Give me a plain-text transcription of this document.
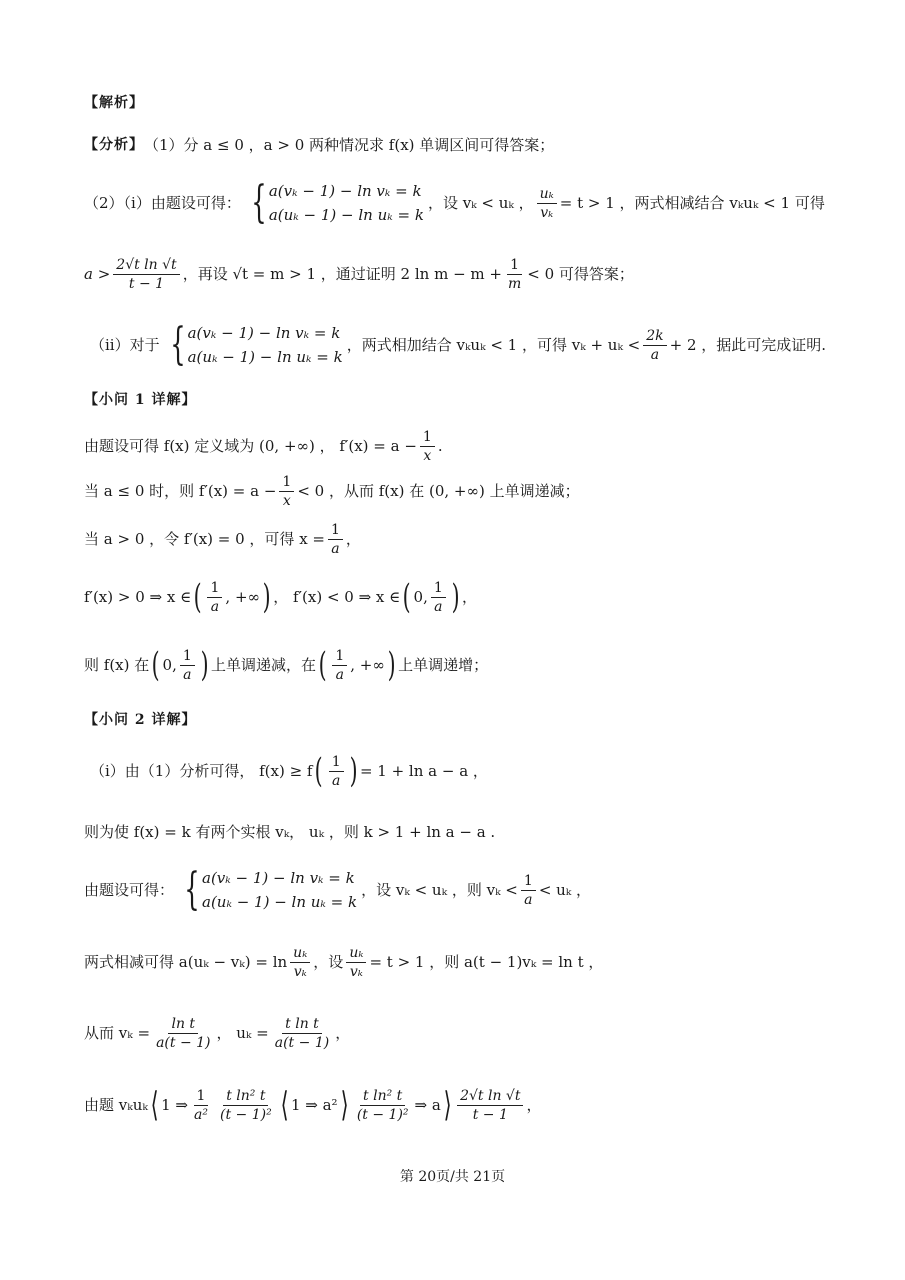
【解析】
【分析】 （1）分 a ≤ 0 ，a > 0 两种情况求 f(x) 单调区间可得答案；
（2）（i）由题设可得： { a(vₖ − 1) − ln vₖ = k
a(uₖ − 1) − ln uₖ = k
，设 vₖ < uₖ ， $\frac{\text{uₖ}}{\text{vₖ}} = t > 1$ ，两式相减结合 vₖuₖ < 1 可得
$a > \frac{\text{2√t ln √t}}{t - 1}$ ，再设 √t = m > 1 ，通过证明 2 $\ln m - m + \frac{1}{m} < 0$ 可得答案；
（ii）对于 { a(vₖ − 1) − ln vₖ = k
a(uₖ − 1) − ln uₖ = k
，两式相加结合 vₖuₖ < 1 ，可得 $v_k + u_k < \frac{2k}{a} + 2$ ，据此可完成证明.
【小问 1 详解】
由题设可得 f(x) 定义域为 (0, +∞) ， $f'(x) = a - \frac{1}{x}$ .
当 a ≤ 0 时，则 $f'(x) = a - \frac{1}{x} < 0$ ，从而 f(x) 在 (0, +∞) 上单调递减；
当 a > 0 ，令 f′(x) = 0 ，可得 $x = \frac{1}{a}$ ，
f′(x) > 0 ⇒ x ∈ ( $\frac{1}{a}$ , +∞ ) ， f′(x) < 0 ⇒ x ∈ ( 0, $\frac{1}{a}$ ) ，
则 f(x) 在 ( 0, $\frac{1}{a}$ ) 上单调递减，在 ( $\frac{1}{a}$ , +∞ ) 上单调递增；
【小问 2 详解】
（i）由（1）分析可得， f(x) ≥ f ( $\frac{1}{a}$ ) = 1 + ln a − a ，
则为使 f(x) = k 有两个实根 vₖ， uₖ ，则 k > 1 + ln a − a .
由题设可得： { a(vₖ − 1) − ln vₖ = k
a(uₖ − 1) − ln uₖ = k
，设 vₖ < uₖ ，则 $v_k < \frac{1}{a} < u_k$ ，
两式相减可得 $a(u_k - v_k) = \ln \frac{\text{uₖ}}{\text{vₖ}}$ ，设 $\frac{\text{uₖ}}{\text{vₖ}} = t > 1$ ，则 a(t − 1)vₖ = ln t ，
从而 $v_k = \frac{\text{ln t}}{a(t - 1)}$ ， $u_k = \frac{\text{t ln t}}{a(t - 1)}$ ，
由题 vₖuₖ ⟨ 1 ⇒ $\frac{1}{\text{a²}} \frac{\text{t ln² t}}{\text{(t − 1)²}}$ ⟨ 1 ⇒ a² ⟩ $\frac{\text{t ln² t}}{\text{(t − 1)²}}$ ⇒ a ⟩ $\frac{\text{2√t ln √t}}{t - 1}$ ，
第 20页/共 21页
